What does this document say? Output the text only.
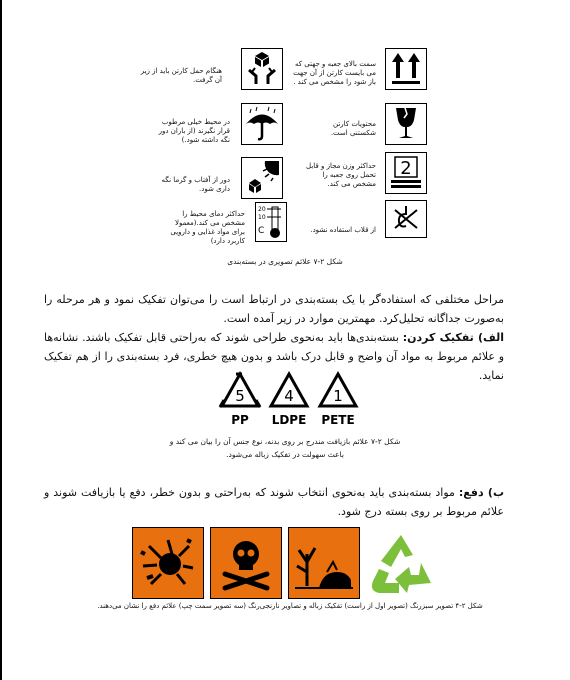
هنگام حمل کارتن باید از زیر آن گرفت.
سمت بالای جعبه و جهتی که می بایست کارتن از آن جهت باز شود را مشخص می کند .
در محیط خیلی مرطوب قرار نگیرند (از باران دور نگه داشته شود.)
محتویات کارتن شکستنی است.
دور از آفتاب و گرما نگه داری شود.
حداکثر وزن مجاز و قابل تحمل روی جعبه را مشخص می کند.
2
حداکثر دمای محیط را مشخص می کند.(معمولا برای مواد غذایی و دارویی کاربرد دارد)
20
10
C	از قلاب استفاده نشود.
شکل ۲-۷ علائم تصویری در بسته‌بندی
مراحل مختلفی که استفاده‌گر با یک بسته‌بندی در ارتباط است را می‌توان تفکیک نمود و هر مرحله را به‌صورت جداگانه تحلیل‌کرد. مهمترین موارد در زیر آمده است.
الف) تفکیک کردن: بسته‌بندی‌ها باید به‌نحوی طراحی شوند که به‌راحتی قابل تفکیک باشند. نشانه‌ها و علائم مربوط به مواد آن واضح و قابل درک باشد و بدون هیچ خطری، فرد بسته‌بندی را از هم تفکیک نماید.
5
PP
4
LDPE
1
PETE
شکل ۲-۷ علائم بازیافت مندرج بر روی بدنه، نوع جنس آن را بیان می کند و
باعث سهولت در تفکیک زباله می‌شود.
ب) دفع: مواد بسته‌بندی باید به‌نحوی انتخاب شوند که به‌راحتی و بدون خطر، دفع یا بازیافت شوند و علائم مربوط بر روی بسته درج شود.
شکل ۲-۴ تصویر سبزرنگ (تصویر اول از راست) تفکیک زباله و تصاویر نارنجی‌رنگ (سه تصویر سمت چپ) علائم دفع را نشان می‌دهند.
